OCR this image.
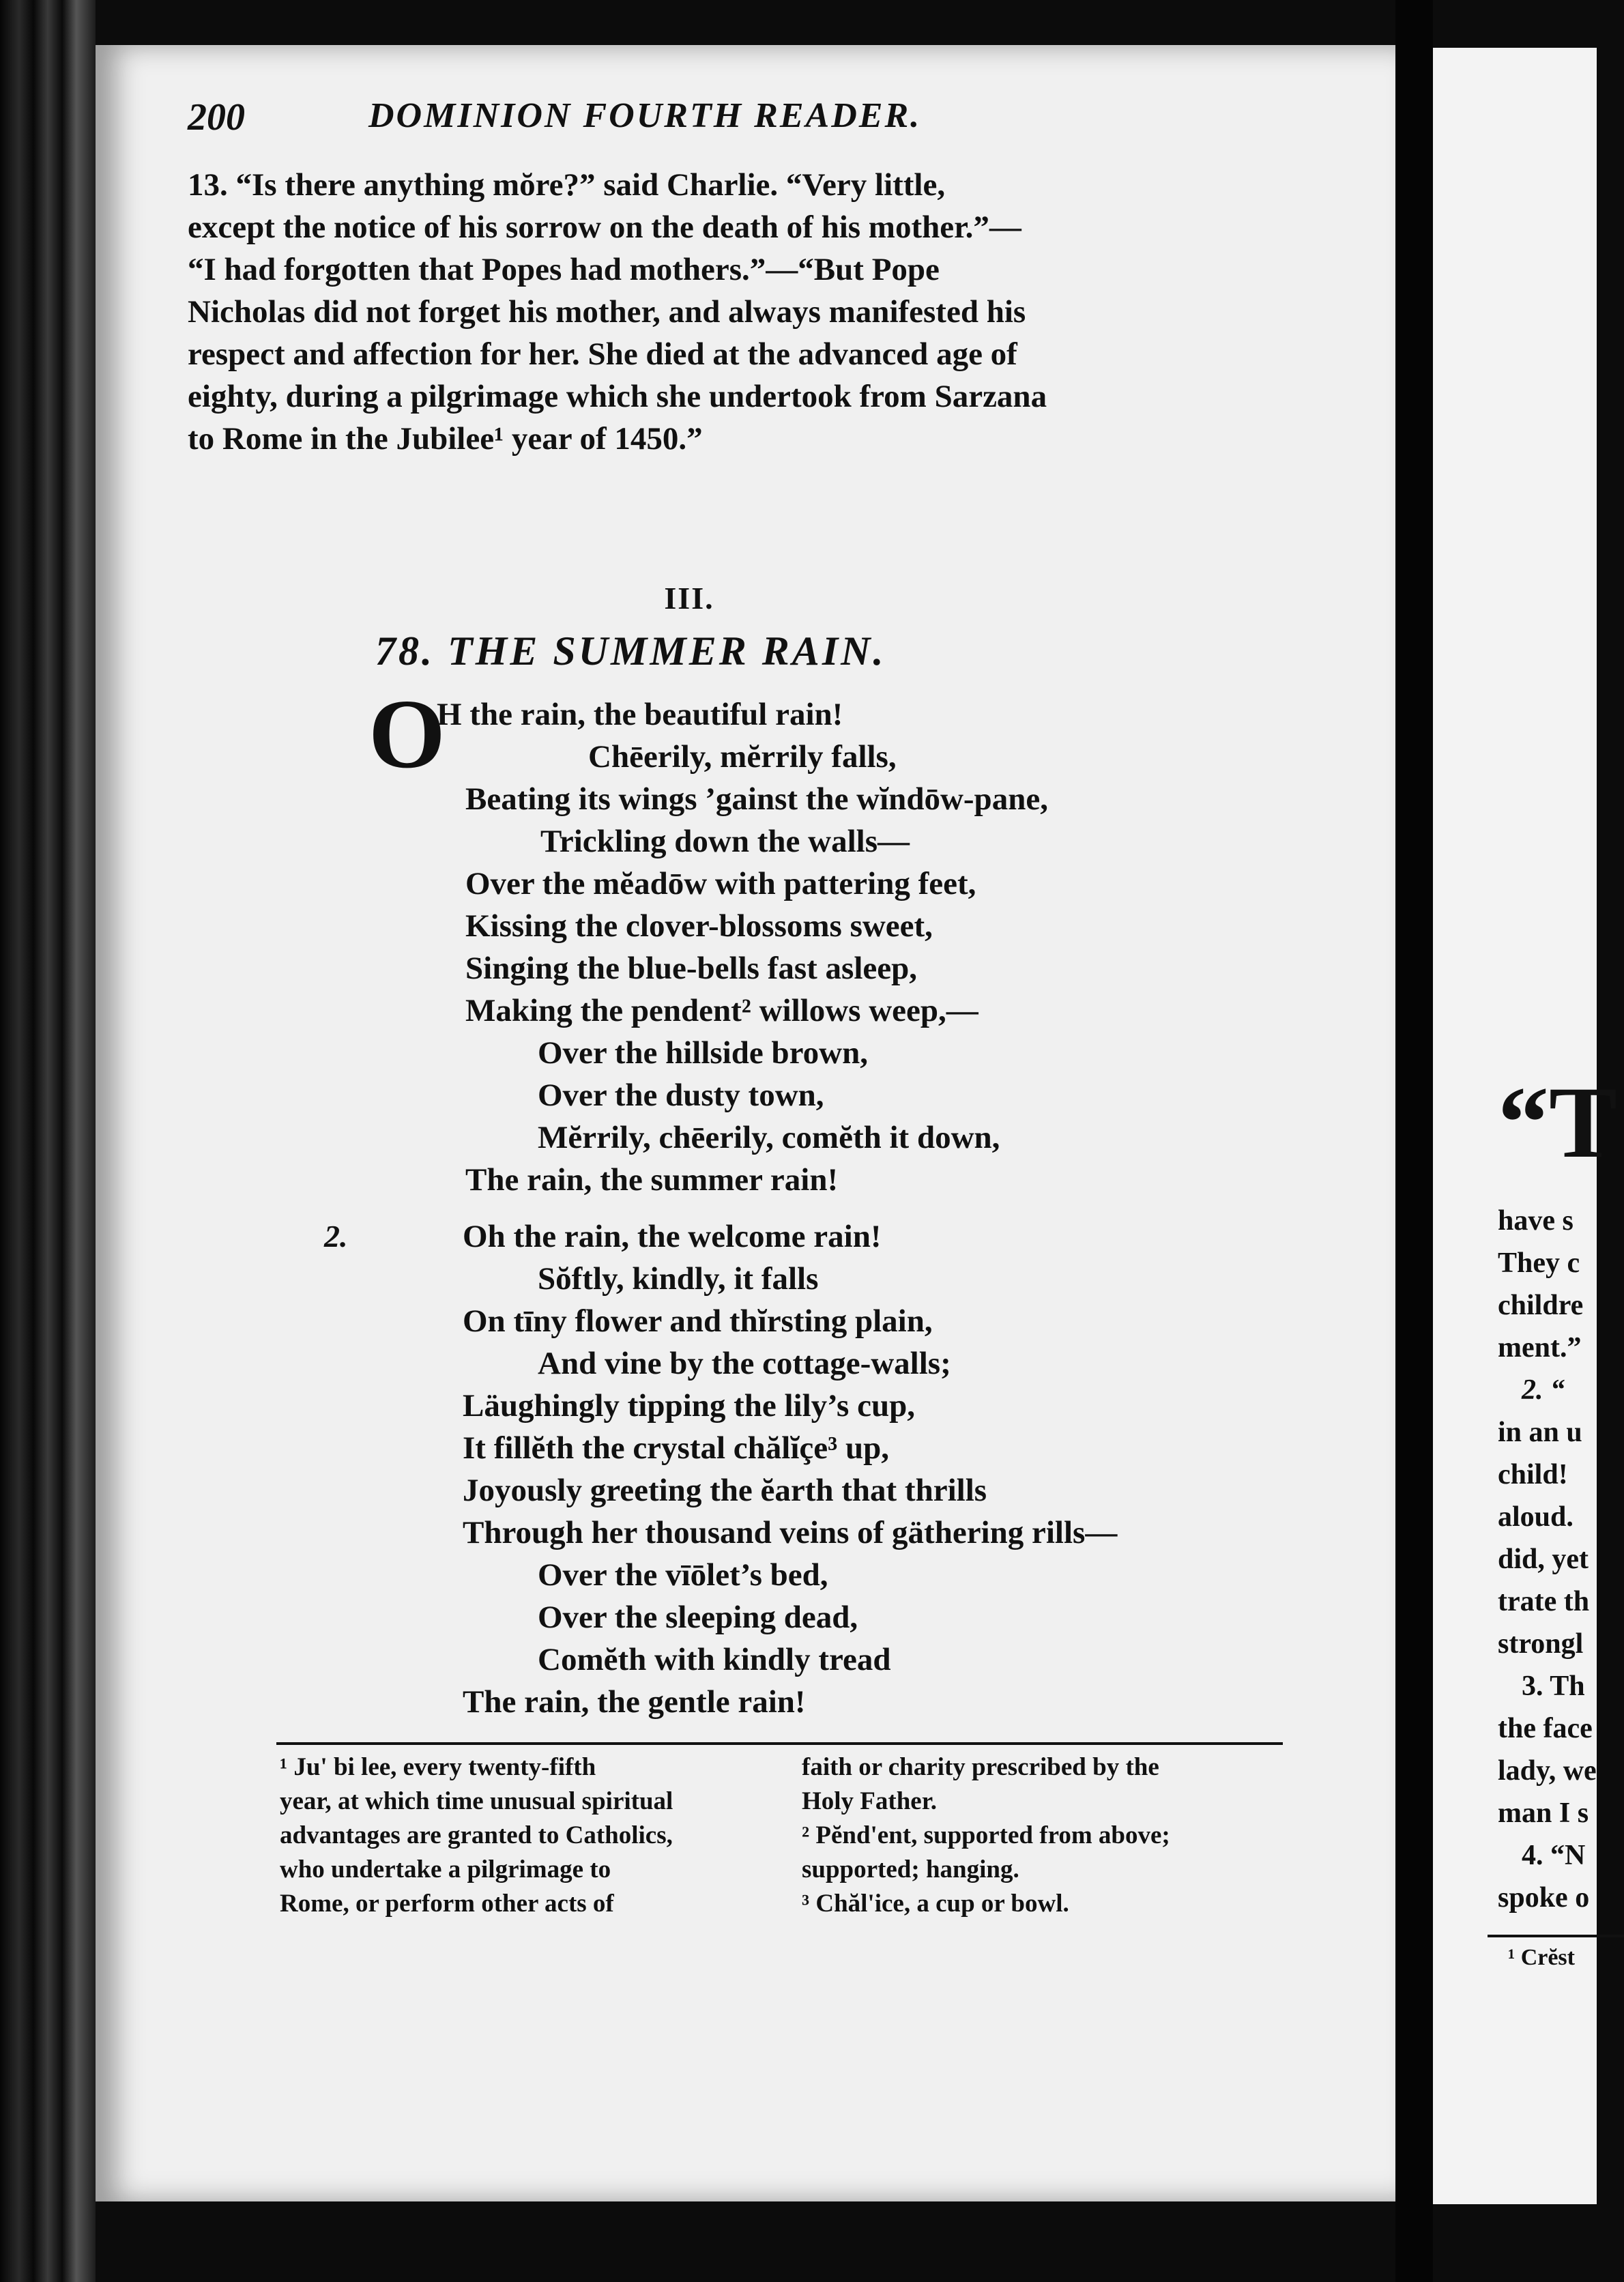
200	DOMINION FOURTH READER.
13. “Is there anything mŏre?” said Charlie. “Very little,
except the notice of his sorrow on the death of his mother.”—
“I had forgotten that Popes had mothers.”—“But Pope
Nicholas did not forget his mother, and always manifested his
respect and affection for her. She died at the advanced age of
eighty, during a pilgrimage which she undertook from Sarzana
to Rome in the Jubilee¹ year of 1450.”
III.
78. THE SUMMER RAIN.
O
H the rain, the beautiful rain!
Chēerily, mĕrrily falls,
Beating its wings ’gainst the wĭndōw-pane,
Trickling down the walls—
Over the mĕadōw with pattering feet,
Kissing the clover-blossoms sweet,
Singing the blue-bells fast asleep,
Making the pendent² willows weep,—
Over the hillside brown,
Over the dusty town,
Mĕrrily, chēerily, comĕth it down,
The rain, the summer rain!
2.	Oh the rain, the welcome rain!
Sŏftly, kindly, it falls
On tīny flower and thĭrsting plain,
And vine by the cottage-walls;
Läughingly tipping the lily’s cup,
It fillĕth the crystal chălĭçe³ up,
Joyously greeting the ĕarth that thrills
Through her thousand veins of gäthering rills—
Over the vīōlet’s bed,
Over the sleeping dead,
Comĕth with kindly tread
The rain, the gentle rain!
¹ Ju' bi lee, every twenty-fifth
year, at which time unusual spiritual
advantages are granted to Catholics,
who undertake a pilgrimage to
Rome, or perform other acts of
faith or charity prescribed by the
Holy Father.
² Pĕnd'ent, supported from above;
supported; hanging.
³ Chăl'ice, a cup or bowl.
“T
have s
They c
childre
ment.”
2. “
in an u
child!
aloud.
did, yet
trate th
strongl
3. Th
the face
lady, we
man I s
4. “N
spoke o
¹ Crĕst
